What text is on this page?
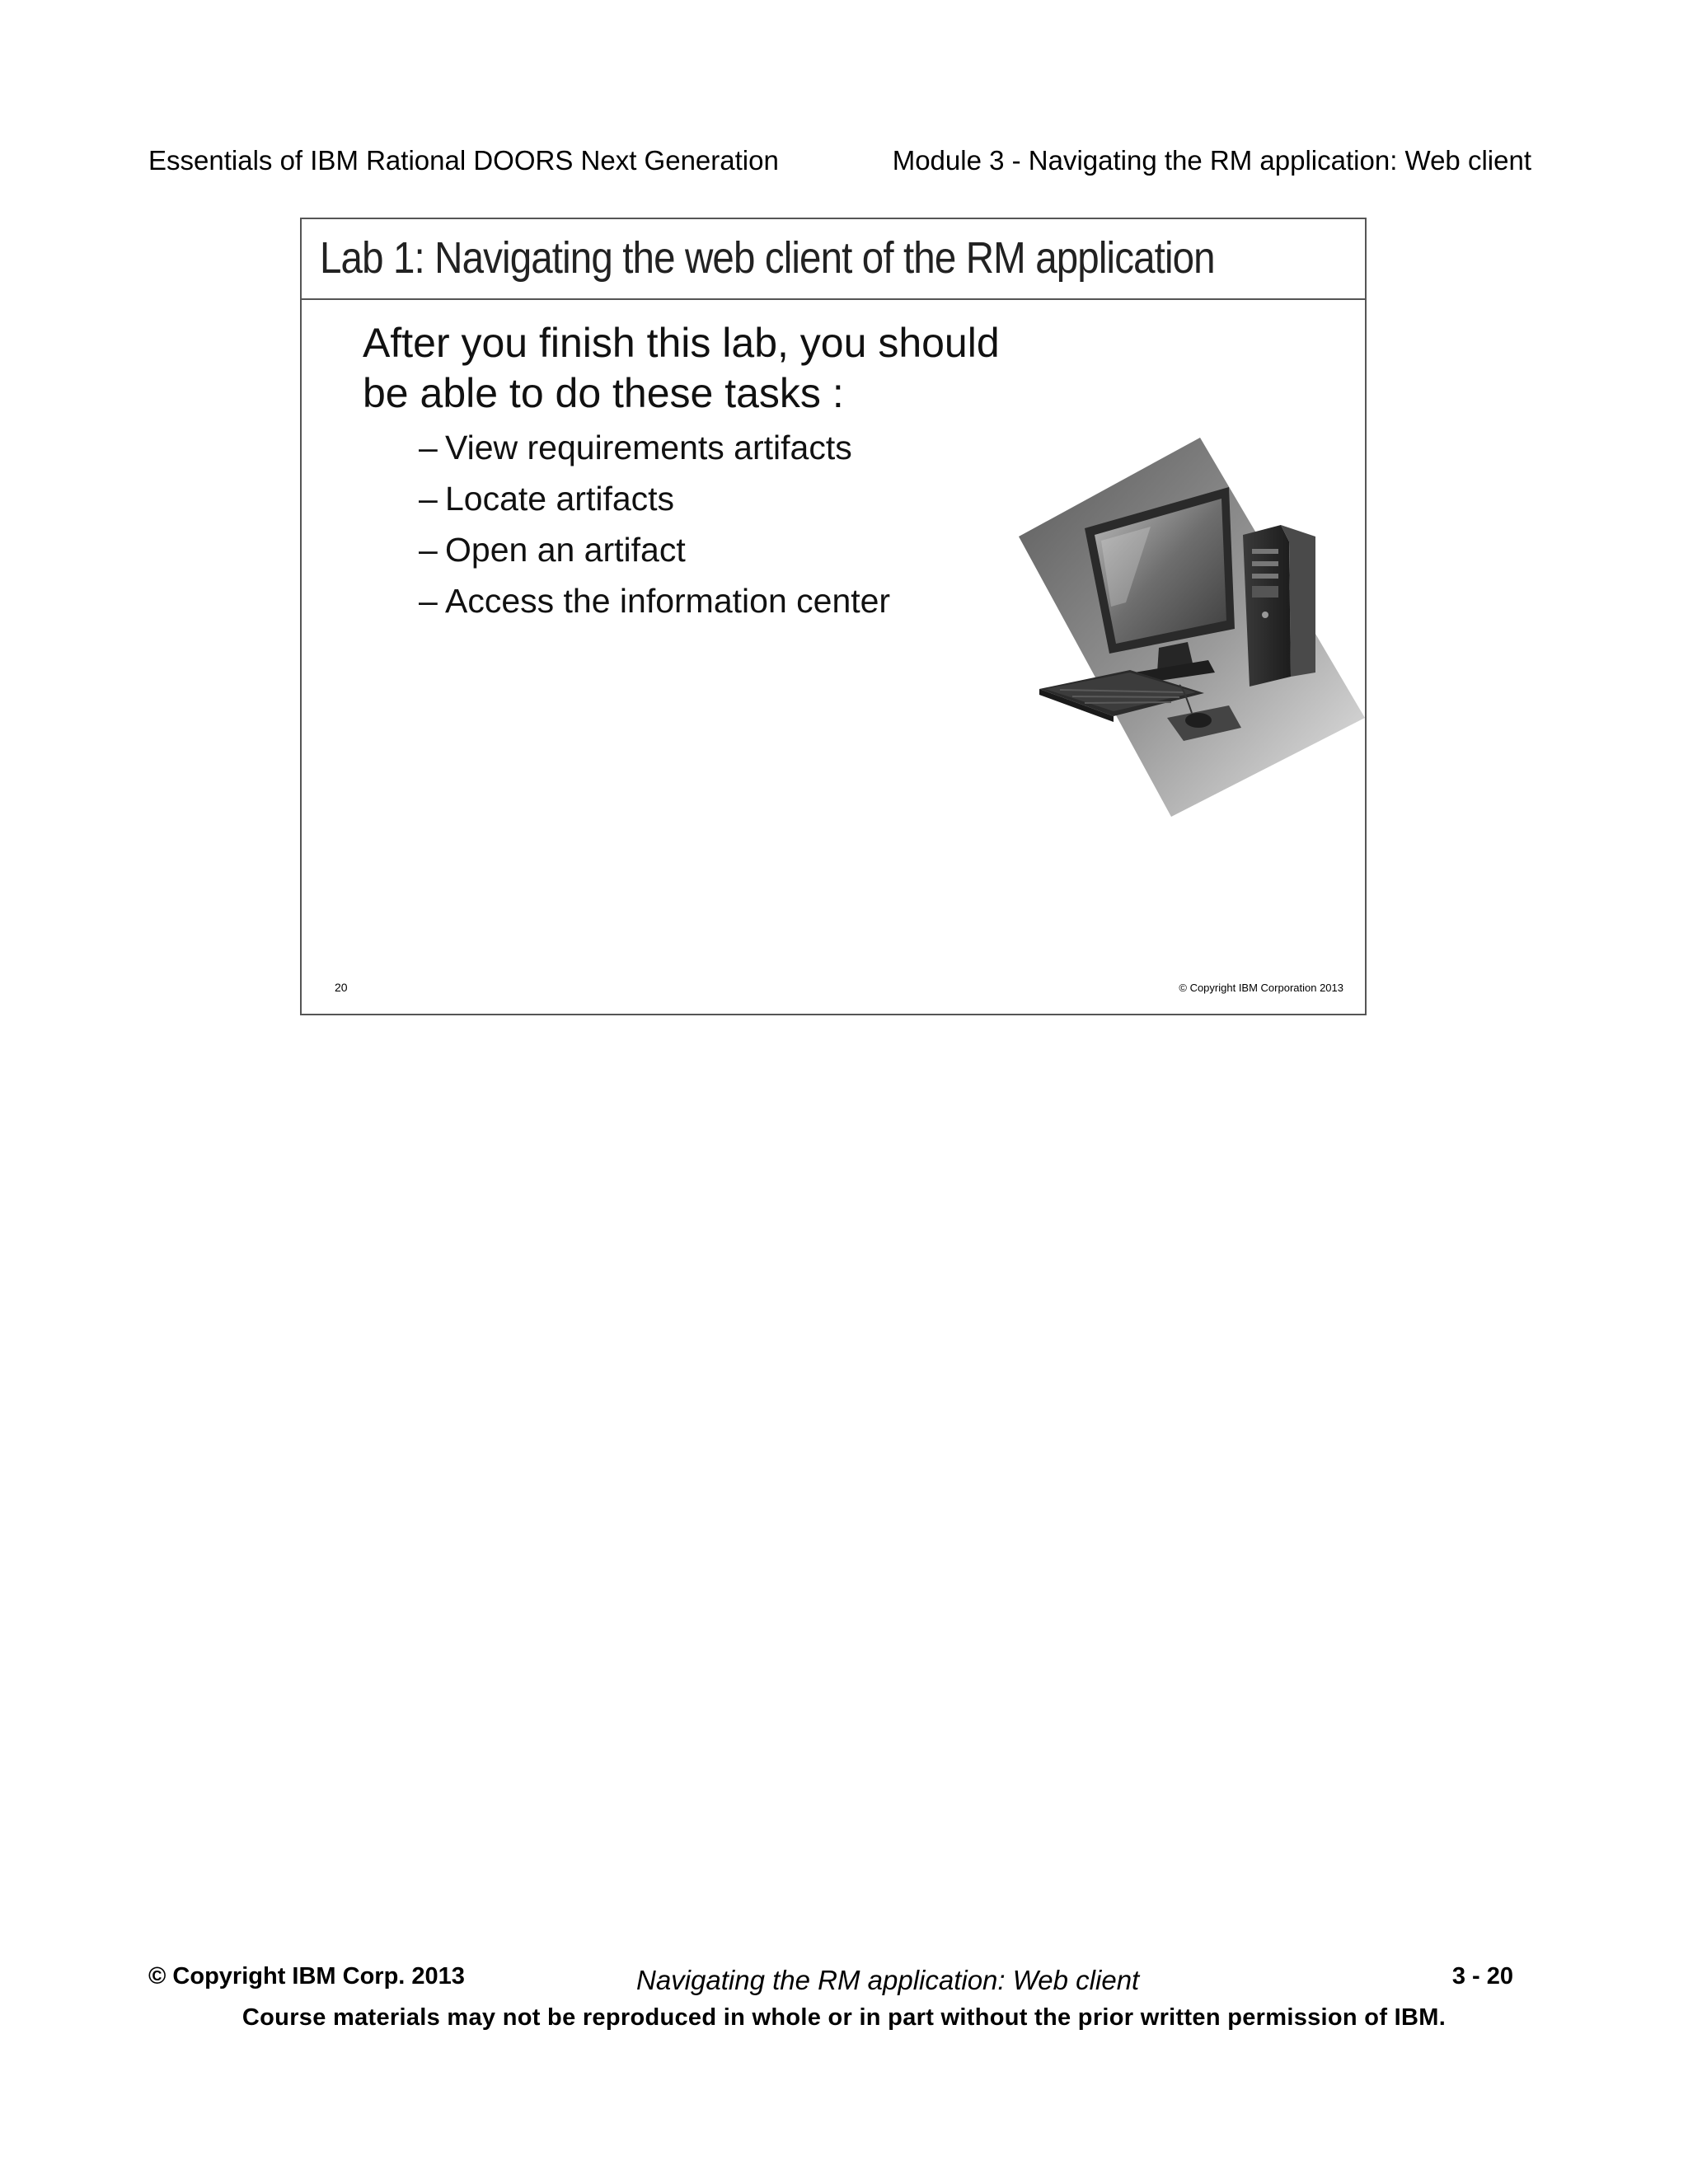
Essentials of IBM Rational DOORS Next Generation	Module 3 - Navigating the RM application: Web client
Lab 1: Navigating the web client of the RM application
After you finish this lab, you should
be able to do these tasks :
– View requirements artifacts
– Locate artifacts
– Open an artifact
– Access the information center
20	© Copyright IBM Corporation 2013
© Copyright IBM Corp. 2013	Navigating the RM application: Web client	3 - 20
Course materials may not be reproduced in whole or in part without the prior written permission of IBM.
